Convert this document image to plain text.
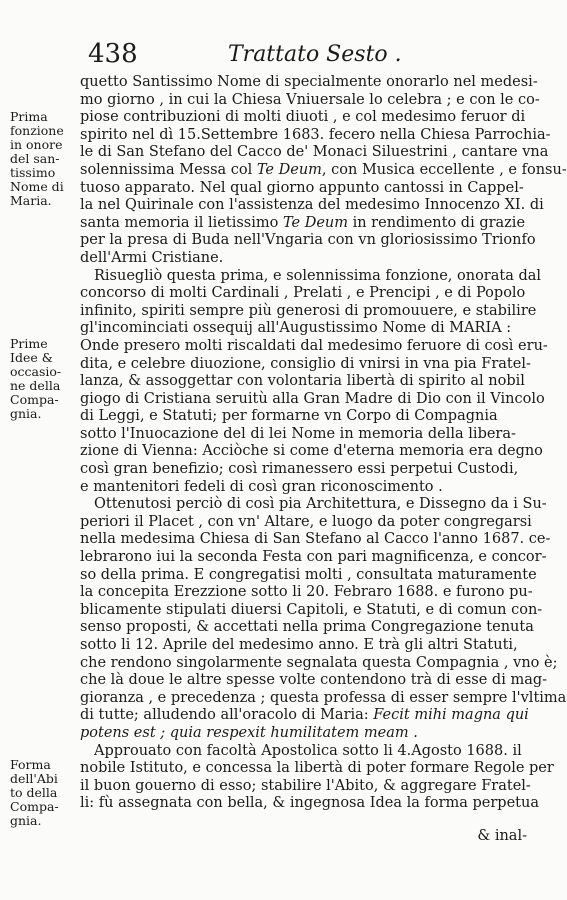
438	Trattato Sesto .
Prima
fonzione
in onore
del san-
tissimo
Nome di
Maria.
Prime
Idee &
occasio-
ne della
Compa-
gnia.
Forma
dell'Abi
to della
Compa-
gnia.
quetto Santissimo Nome di specialmente onorarlo nel medesi-
mo giorno , in cui la Chiesa Vniuersale lo celebra ; e con le co-
piose contribuzioni di molti diuoti , e col medesimo feruor di
spirito nel dì 15.Settembre 1683. fecero nella Chiesa Parrochia-
le di San Stefano del Cacco de' Monaci Siluestrini , cantare vna
solennissima Messa col Te Deum, con Musica eccellente , e fonsu-
tuoso apparato. Nel qual giorno appunto cantossi in Cappel-
la nel Quirinale con l'assistenza del medesimo Innocenzo XI. di
santa memoria il lietissimo Te Deum in rendimento di grazie
per la presa di Buda nell'Vngaria con vn gloriosissimo Trionfo
dell'Armi Cristiane.
Risuegliò questa prima, e solennissima fonzione, onorata dal
concorso di molti Cardinali , Prelati , e Prencipi , e di Popolo
infinito, spiriti sempre più generosi di promouuere, e stabilire
gl'incominciati ossequij all'Augustissimo Nome di MARIA :
Onde presero molti riscaldati dal medesimo feruore di così eru-
dita, e celebre diuozione, consiglio di vnirsi in vna pia Fratel-
lanza, & assoggettar con volontaria libertà di spirito al nobil
giogo di Cristiana seruitù alla Gran Madre di Dio con il Vincolo
di Leggi, e Statuti; per formarne vn Corpo di Compagnia
sotto l'Inuocazione del di lei Nome in memoria della libera-
zione di Vienna: Acciòche si come d'eterna memoria era degno
così gran benefizio; così rimanessero essi perpetui Custodi,
e mantenitori fedeli di così gran riconoscimento .
Ottenutosi perciò di così pia Architettura, e Dissegno da i Su-
periori il Placet , con vn' Altare, e luogo da poter congregarsi
nella medesima Chiesa di San Stefano al Cacco l'anno 1687. ce-
lebrarono iui la seconda Festa con pari magnificenza, e concor-
so della prima. E congregatisi molti , consultata maturamente
la concepita Erezzione sotto li 20. Febraro 1688. e furono pu-
blicamente stipulati diuersi Capitoli, e Statuti, e di comun con-
senso proposti, & accettati nella prima Congregazione tenuta
sotto li 12. Aprile del medesimo anno. E trà gli altri Statuti,
che rendono singolarmente segnalata questa Compagnia , vno è;
che là doue le altre spesse volte contendono trà di esse di mag-
gioranza , e precedenza ; questa professa di esser sempre l'vltima
di tutte; alludendo all'oracolo di Maria: Fecit mihi magna qui
potens est ; quia respexit humilitatem meam .
Approuato con facoltà Apostolica sotto li 4.Agosto 1688. il
nobile Istituto, e concessa la libertà di poter formare Regole per
il buon gouerno di esso; stabilire l'Abito, & aggregare Fratel-
li: fù assegnata con bella, & ingegnosa Idea la forma perpetua
& inal-
